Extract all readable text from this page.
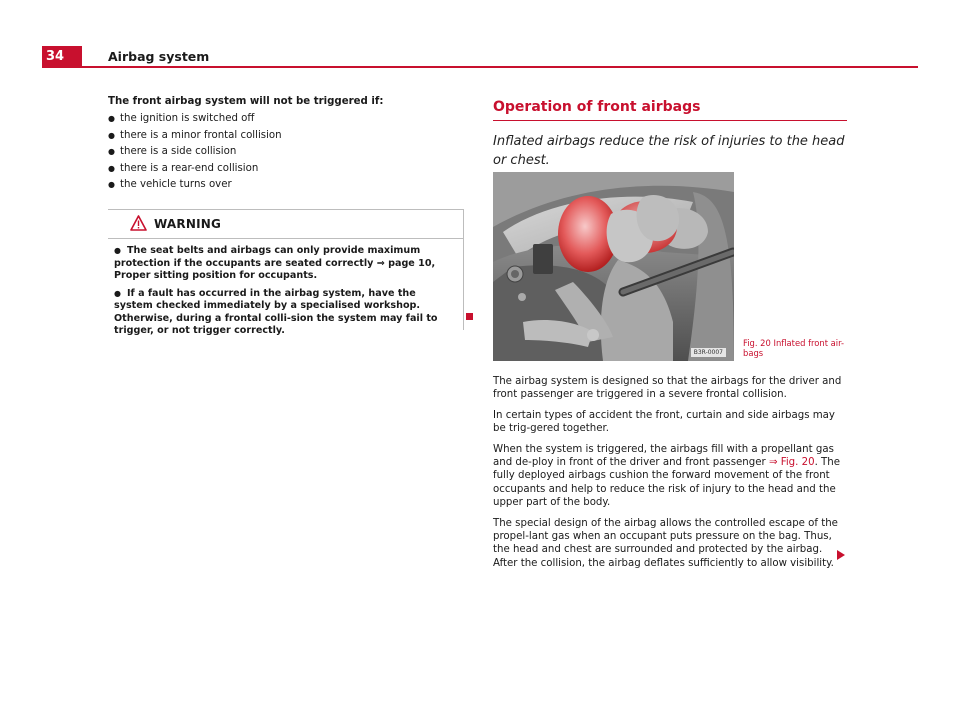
34	Airbag system

The front airbag system will not be triggered if:

● the ignition is switched off
● there is a minor frontal collision
● there is a side collision
● there is a rear-end collision
● the vehicle turns over
WARNING

● The seat belts and airbags can only provide maximum protection if the occupants are seated correctly ⇒ page 10, Proper sitting position for occupants.

● If a fault has occurred in the airbag system, have the system checked immediately by a specialised workshop. Otherwise, during a frontal colli-sion the system may fail to trigger, or not trigger correctly.

Operation of front airbags

Inflated airbags reduce the risk of injuries to the head or chest.

B3R-0007
Fig. 20 Inflated front air-bags

The airbag system is designed so that the airbags for the driver and front passenger are triggered in a severe frontal collision.

In certain types of accident the front, curtain and side airbags may be trig-gered together.

When the system is triggered, the airbags fill with a propellant gas and de-ploy in front of the driver and front passenger ⇒ Fig. 20. The fully deployed airbags cushion the forward movement of the front occupants and help to reduce the risk of injury to the head and the upper part of the body.

The special design of the airbag allows the controlled escape of the propel-lant gas when an occupant puts pressure on the bag. Thus, the head and chest are surrounded and protected by the airbag. After the collision, the airbag deflates sufficiently to allow visibility.
